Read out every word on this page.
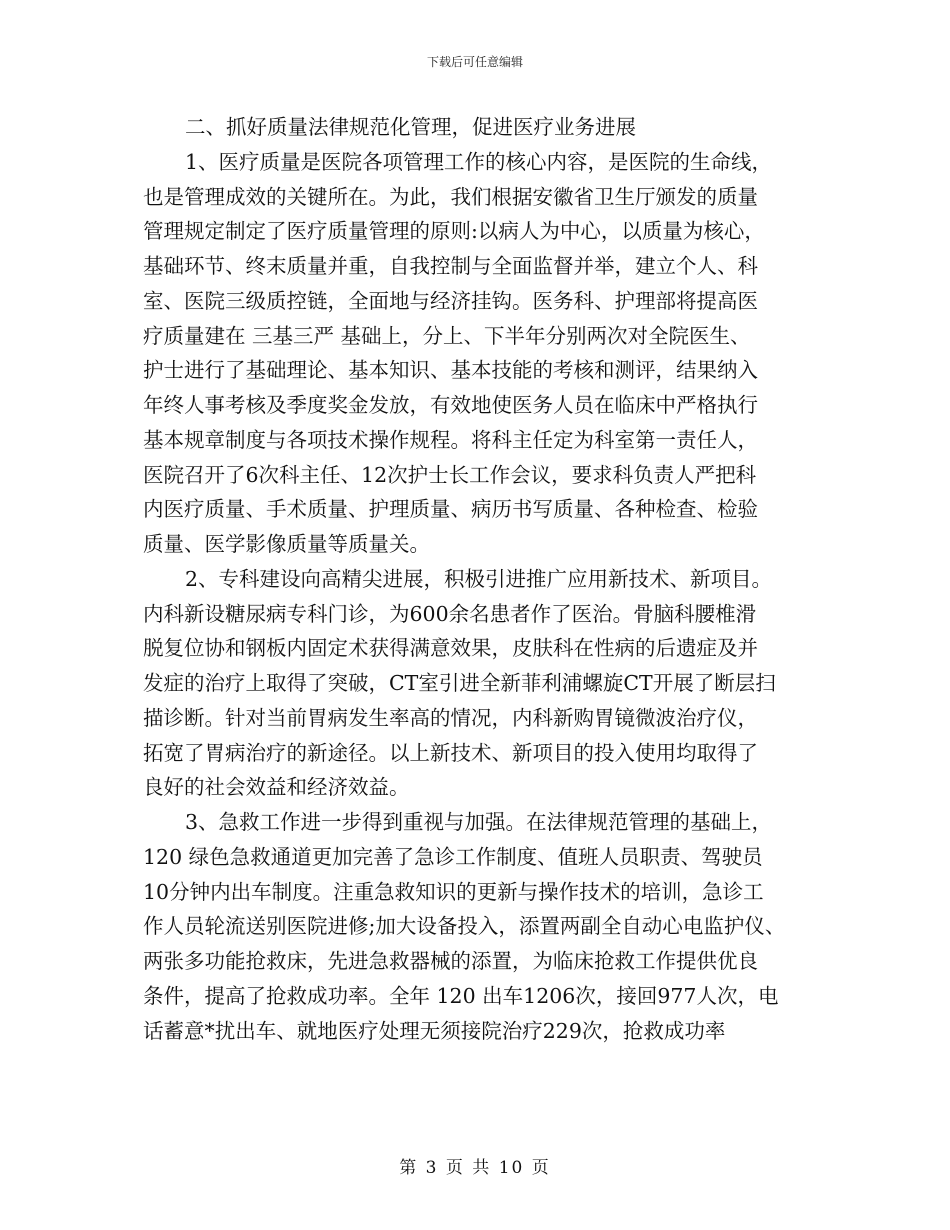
下载后可任意编辑
二、抓好质量法律规范化管理，促进医疗业务进展
1、医疗质量是医院各项管理工作的核心内容，是医院的生命线，
也是管理成效的关键所在。为此，我们根据安徽省卫生厅颁发的质量
管理规定制定了医疗质量管理的原则:以病人为中心，以质量为核心，
基础环节、终末质量并重，自我控制与全面监督并举，建立个人、科
室、医院三级质控链，全面地与经济挂钩。医务科、护理部将提高医
疗质量建在 三基三严 基础上，分上、下半年分别两次对全院医生、
护士进行了基础理论、基本知识、基本技能的考核和测评，结果纳入
年终人事考核及季度奖金发放，有效地使医务人员在临床中严格执行
基本规章制度与各项技术操作规程。将科主任定为科室第一责任人，
医院召开了6次科主任、12次护士长工作会议，要求科负责人严把科
内医疗质量、手术质量、护理质量、病历书写质量、各种检查、检验
质量、医学影像质量等质量关。
2、专科建设向高精尖进展，积极引进推广应用新技术、新项目。
内科新设糖尿病专科门诊，为600余名患者作了医治。骨脑科腰椎滑
脱复位协和钢板内固定术获得满意效果，皮肤科在性病的后遗症及并
发症的治疗上取得了突破，CT室引进全新菲利浦螺旋CT开展了断层扫
描诊断。针对当前胃病发生率高的情况，内科新购胃镜微波治疗仪，
拓宽了胃病治疗的新途径。以上新技术、新项目的投入使用均取得了
良好的社会效益和经济效益。
3、急救工作进一步得到重视与加强。在法律规范管理的基础上，
120 绿色急救通道更加完善了急诊工作制度、值班人员职责、驾驶员
10分钟内出车制度。注重急救知识的更新与操作技术的培训，急诊工
作人员轮流送别医院进修;加大设备投入，添置两副全自动心电监护仪、
两张多功能抢救床，先进急救器械的添置，为临床抢救工作提供优良
条件，提高了抢救成功率。全年 120 出车1206次，接回977人次，电
话蓄意*扰出车、就地医疗处理无须接院治疗229次，抢救成功率
第 3 页 共 10 页
